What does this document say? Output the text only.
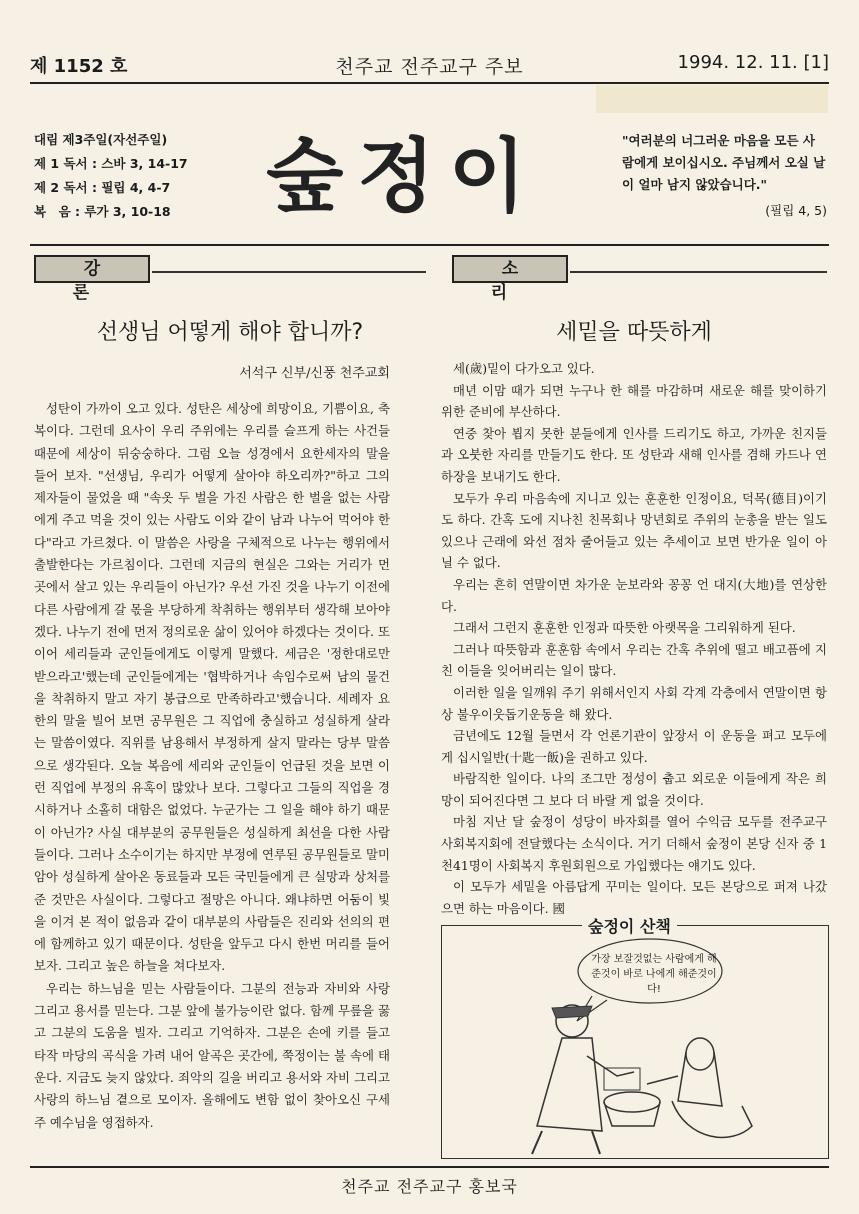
제 1152 호	천주교 전주교구 주보	1994. 12. 11. [1]
대림 제3주일(자선주일)
제 1 독서 : 스바 3, 14-17
제 2 독서 : 필립 4, 4-7
복　음 : 루가 3, 10-18	숲정이	"여러분의 너그러운 마음을 모든 사람에게 보이십시오. 주님께서 오실 날이 얼마 남지 않았습니다."
(필립 4, 5)
강 론
소 리
선생님 어떻게 해야 합니까?
서석구 신부/신풍 천주교회
세밑을 따뜻하게

성탄이 가까이 오고 있다. 성탄은 세상에 희망이요, 기쁨이요, 축복이다. 그런데 요사이 우리 주위에는 우리를 슬프게 하는 사건들 때문에 세상이 뒤숭숭하다. 그럼 오늘 성경에서 요한세자의 말을 들어 보자. "선생님, 우리가 어떻게 살아야 하오리까?"하고 그의 제자들이 물었을 때 "속옷 두 벌을 가진 사람은 한 벌을 없는 사람에게 주고 먹을 것이 있는 사람도 이와 같이 남과 나누어 먹어야 한다"라고 가르쳤다. 이 말씀은 사랑을 구체적으로 나누는 행위에서 출발한다는 가르침이다. 그런데 지금의 현실은 그와는 거리가 먼 곳에서 살고 있는 우리들이 아닌가? 우선 가진 것을 나누기 이전에 다른 사람에게 갈 몫을 부당하게 착취하는 행위부터 생각해 보아야겠다. 나누기 전에 먼저 정의로운 삶이 있어야 하겠다는 것이다. 또 이어 세리들과 군인들에게도 이렇게 말했다. 세금은 '정한대로만 받으라고'했는데 군인들에게는 '협박하거나 속임수로써 남의 물건을 착취하지 말고 자기 봉급으로 만족하라고'했습니다. 세례자 요한의 말을 빌어 보면 공무원은 그 직업에 충실하고 성실하게 살라는 말씀이였다. 직위를 남용해서 부정하게 살지 말라는 당부 말씀으로 생각된다. 오늘 복음에 세리와 군인들이 언급된 것을 보면 이런 직업에 부정의 유혹이 많았나 보다. 그렇다고 그들의 직업을 경시하거나 소홀히 대함은 없었다. 누군가는 그 일을 해야 하기 때문이 아닌가? 사실 대부분의 공무원들은 성실하게 최선을 다한 사람들이다. 그러나 소수이기는 하지만 부정에 연루된 공무원들로 말미암아 성실하게 살아온 동료들과 모든 국민들에게 큰 실망과 상처를 준 것만은 사실이다. 그렇다고 절망은 아니다. 왜냐하면 어둠이 빛을 이겨 본 적이 없음과 같이 대부분의 사람들은 진리와 선의의 편에 함께하고 있기 때문이다. 성탄을 앞두고 다시 한번 머리를 들어 보자. 그리고 높은 하늘을 쳐다보자.

우리는 하느님을 믿는 사람들이다. 그분의 전능과 자비와 사랑 그리고 용서를 믿는다. 그분 앞에 불가능이란 없다. 함께 무릎을 꿇고 그분의 도움을 빌자. 그리고 기억하자. 그분은 손에 키를 들고 타작 마당의 곡식을 가려 내어 알곡은 곳간에, 쭉정이는 불 속에 태운다. 지금도 늦지 않았다. 죄악의 길을 버리고 용서와 자비 그리고 사랑의 하느님 곁으로 모이자. 올해에도 변함 없이 찾아오신 구세주 예수님을 영접하자.

세(歲)밑이 다가오고 있다.

매년 이맘 때가 되면 누구나 한 해를 마감하며 새로운 해를 맞이하기 위한 준비에 부산하다.

연중 찾아 뵙지 못한 분들에게 인사를 드리기도 하고, 가까운 친지들과 오붓한 자리를 만들기도 한다. 또 성탄과 새해 인사를 겸해 카드나 연하장을 보내기도 한다.

모두가 우리 마음속에 지니고 있는 훈훈한 인정이요, 덕목(德目)이기도 하다. 간혹 도에 지나친 친목회나 망년회로 주위의 눈총을 받는 일도 있으나 근래에 와선 점차 줄어들고 있는 추세이고 보면 반가운 일이 아닐 수 없다.

우리는 흔히 연말이면 차가운 눈보라와 꽁꽁 언 대지(大地)를 연상한다.

그래서 그런지 훈훈한 인정과 따뜻한 아랫목을 그리워하게 된다.

그러나 따뜻함과 훈훈함 속에서 우리는 간혹 추위에 떨고 배고픔에 지친 이들을 잊어버리는 일이 많다.

이러한 일을 일깨워 주기 위해서인지 사회 각계 각층에서 연말이면 항상 불우이웃돕기운동을 해 왔다.

금년에도 12월 들면서 각 언론기관이 앞장서 이 운동을 펴고 모두에게 십시일반(十匙一飯)을 권하고 있다.

바람직한 일이다. 나의 조그만 정성이 춥고 외로운 이들에게 작은 희망이 되어진다면 그 보다 더 바랄 게 없을 것이다.

마침 지난 달 숲정이 성당이 바자회를 열어 수익금 모두를 전주교구 사회복지회에 전달했다는 소식이다. 거기 더해서 숲정이 본당 신자 중 1천41명이 사회복지 후원회원으로 가입했다는 얘기도 있다.

이 모두가 세밑을 아름답게 꾸미는 일이다. 모든 본당으로 퍼져 나갔으면 하는 마음이다. 國

숲정이 산책
가장 보잘것없는 사람에게 해준것이 바로 나에게 해준것이다!
천주교 전주교구 홍보국
